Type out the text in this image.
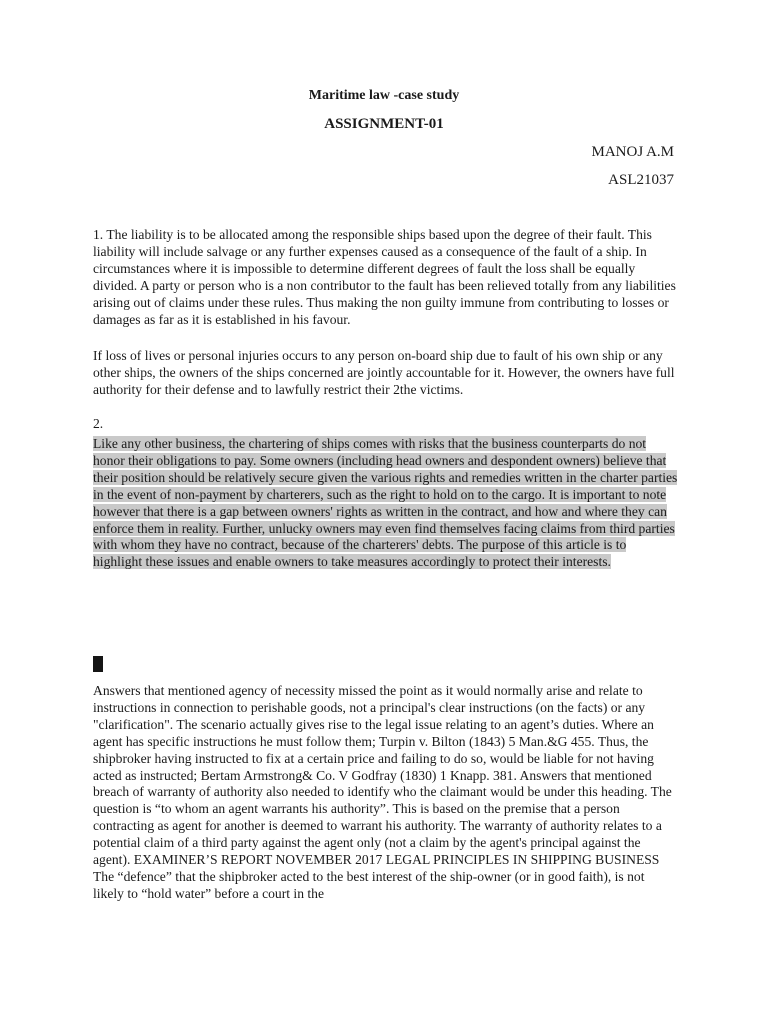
Maritime law -case study

ASSIGNMENT-01

MANOJ A.M

ASL21037

1. The liability is to be allocated among the responsible ships based upon the degree of their fault. This liability will include salvage or any further expenses caused as a consequence of the fault of a ship. In circumstances where it is impossible to determine different degrees of fault the loss shall be equally divided. A party or person who is a non contributor to the fault has been relieved totally from any liabilities arising out of claims under these rules. Thus making the non guilty immune from contributing to losses or damages as far as it is established in his favour.

If loss of lives or personal injuries occurs to any person on-board ship due to fault of his own ship or any other ships, the owners of the ships concerned are jointly accountable for it. However, the owners have full authority for their defense and to lawfully restrict their 2the victims.

2.

Like any other business, the chartering of ships comes with risks that the business counterparts do not honor their obligations to pay. Some owners (including head owners and despondent owners) believe that their position should be relatively secure given the various rights and remedies written in the charter parties in the event of non-payment by charterers, such as the right to hold on to the cargo. It is important to note however that there is a gap between owners' rights as written in the contract, and how and where they can enforce them in reality. Further, unlucky owners may even find themselves facing claims from third parties with whom they have no contract, because of the charterers' debts. The purpose of this article is to highlight these issues and enable owners to take measures accordingly to protect their interests.

Answers that mentioned agency of necessity missed the point as it would normally arise and relate to instructions in connection to perishable goods, not a principal's clear instructions (on the facts) or any "clarification". The scenario actually gives rise to the legal issue relating to an agent’s duties. Where an agent has specific instructions he must follow them; Turpin v. Bilton (1843) 5 Man.&G 455. Thus, the shipbroker having instructed to fix at a certain price and failing to do so, would be liable for not having acted as instructed; Bertam Armstrong& Co. V Godfray (1830) 1 Knapp. 381. Answers that mentioned breach of warranty of authority also needed to identify who the claimant would be under this heading. The question is “to whom an agent warrants his authority”. This is based on the premise that a person contracting as agent for another is deemed to warrant his authority. The warranty of authority relates to a potential claim of a third party against the agent only (not a claim by the agent's principal against the agent). EXAMINER’S REPORT NOVEMBER 2017 LEGAL PRINCIPLES IN SHIPPING BUSINESS The “defence” that the shipbroker acted to the best interest of the ship-owner (or in good faith), is not likely to “hold water” before a court in the
